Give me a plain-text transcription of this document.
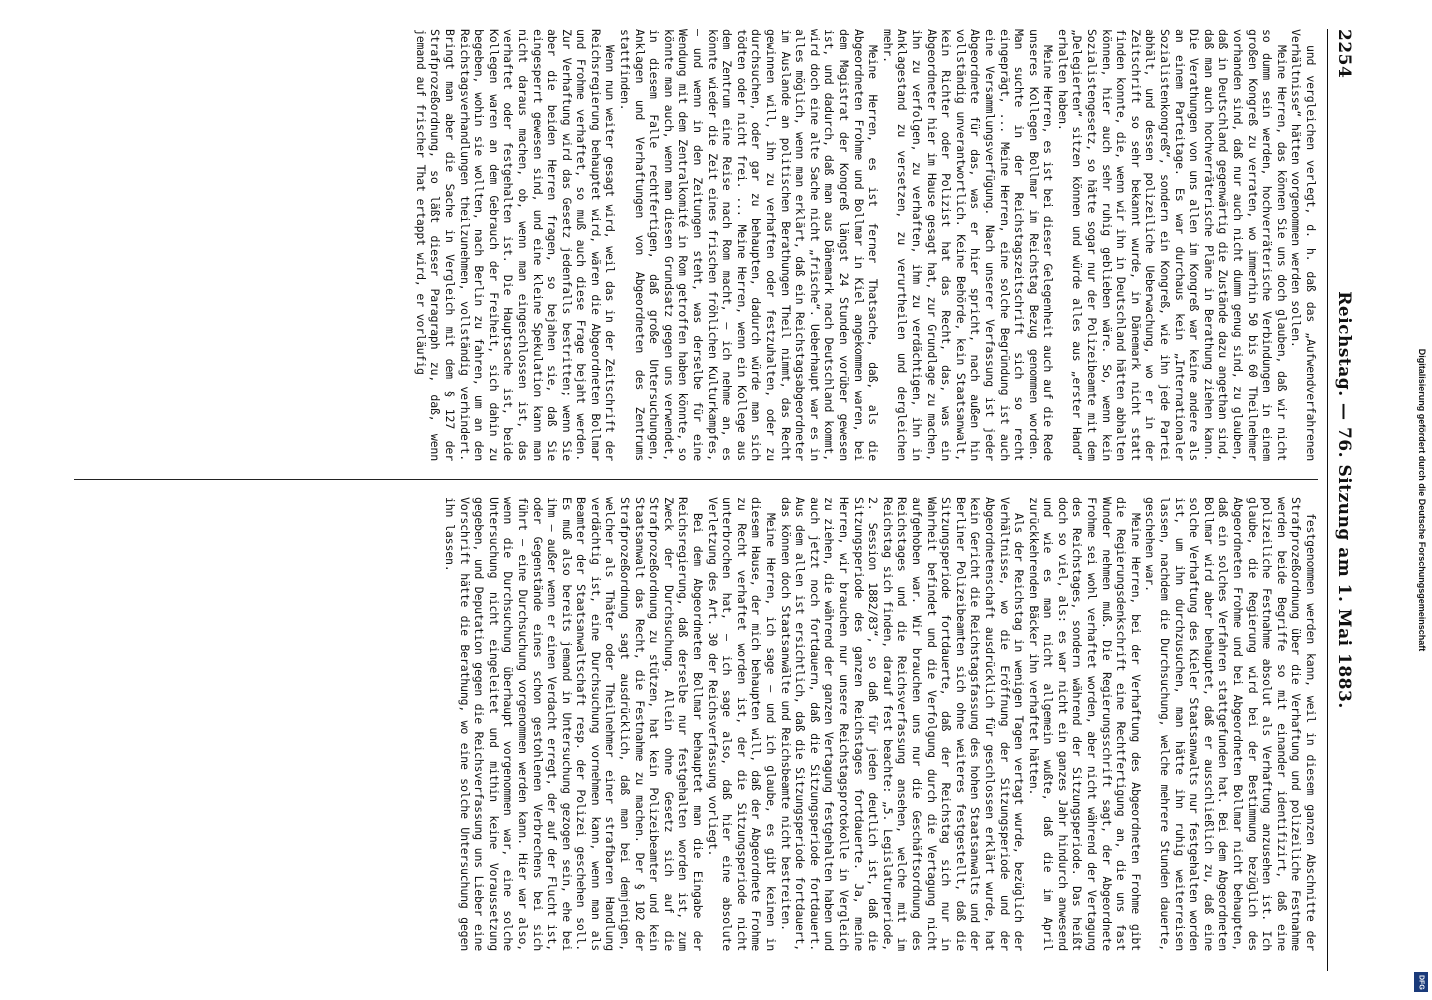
2254
Reichstag. — 76. Sitzung am 1. Mai 1883.

und vergleichen verlegt, d. h. daß das „Aufwendverfahrenen Verhältnisse“ hätten vorgenommen werden sollen.

Meine Herren, das können Sie uns doch glauben, daß wir nicht so dumm sein werden, hochverräterische Verbindungen in einem großen Kongreß zu verraten, wo immerhin 50 bis 60 Theilnehmer vorhanden sind, daß nur auch nicht dumm genug sind, zu glauben, daß in Deutschland gegenwärtig die Zustände dazu angethan sind, daß man auch hochverräterische Pläne in Berathung ziehen kann. Die Verathungen von uns allen im Kongreß war keine andere als an einem Parteitage. Es war durchaus kein „Internationaler Sozialistenkongreß“, sondern ein Kongreß, wie ihn jede Partei abhält, und dessen polizeiliche Ueberwachung, wo er in der Zeitschrift so sehr bekannt wurde, in Dänemark nicht statt finden konnte, die, wenn wir ihn in Deutschland hätten abhalten können, hier auch sehr ruhig geblieben wäre. So, wenn kein Sozialistengesetz, so hätte sogar nur der Polizeibeamte mit dem „Delegierten“ sitzen können und würde alles aus „erster Hand“ erhalten haben.

Meine Herren, es ist bei dieser Gelegenheit auch auf die Rede unseres Kollegen Bollmar im Reichstag Bezug genommen worden. Man suchte in der Reichstagszeitschrift sich so recht eingeprägt, ... Meine Herren, eine solche Begründung ist auch eine Versammlungsverfügung. Nach unserer Verfassung ist jeder Abgeordnete für das, was er hier spricht, nach außen hin vollständig unverantwortlich. Keine Behörde, kein Staatsanwalt, kein Richter oder Polizist hat das Recht, das, was ein Abgeordneter hier im Hause gesagt hat, zur Grundlage zu machen, ihn zu verfolgen, zu verhaften, ihm zu verdächtigen, ihn in Anklagestand zu versetzen, zu verurtheilen und dergleichen mehr.

Meine Herren, es ist ferner Thatsache, daß, als die Abgeordneten Frohme und Bollmar in Kiel angekommen waren, bei dem Magistrat der Kongreß längst 24 Stunden vorüber gewesen ist, und dadurch, daß man aus Dänemark nach Deutschland kommt, wird doch eine alte Sache nicht „frische“. Ueberhaupt war es in alles möglich, wenn man erklärt, daß ein Reichstagsabgeordneter im Auslande an politischen Berathungen Theil nimmt, das Recht gewinnen will, ihn zu verhaften oder festzuhalten, oder zu durchsuchen, oder gar zu behaupten, dadurch würde man sich tödten oder nicht frei. ... Meine Herren, wenn ein Kollege aus dem Zentrum eine Reise nach Rom macht, — ich nehme an, es könnte wieder die Zeit eines frischen fröhlichen Kulturkampfes, — und wenn in den Zeitungen steht, was derselbe für eine Wendung mit dem Zentralkomité in Rom getroffen haben könnte, so könnte man auch, wenn man diesen Grundsatz gegen uns verwendet, in diesem Falle rechtfertigen, daß große Untersuchungen, Anklagen und Verhaftungen von Abgeordneten des Zentrums stattfinden.

Wenn nun weiter gesagt wird, weil das in der Zeitschrift der Reichsregierung behauptet wird, wären die Abgeordneten Bollmar und Frohme verhaftet, so muß auch diese Frage bejaht werden. Zur Verhaftung wird das Gesetz jedenfalls bestritten; wenn Sie aber die beiden Herren fragen, so bejahen sie, daß Sie eingesperrt gewesen sind, und eine kleine Spekulation kann man nicht daraus machen, ob, wenn man eingeschlossen ist, das verhaftet oder festgehalten ist. Die Hauptsache ist, beide Kollegen waren an dem Gebrauch der Freiheit, sich dahin zu begeben, wohin sie wollten, nach Berlin zu fahren, um an den Reichstagsverhandlungen theilzunehmen, vollständig verhindert. Bringt man aber die Sache in Vergleich mit dem § 127 der Strafprozeßordnung, so läßt dieser Paragraph zu, daß, wenn jemand auf frischer That ertappt wird, er vorläufig

festgenommen werden kann, weil in diesem ganzen Abschnitte der Strafprozeßordnung über die Verhaftung und polizeiliche Festnahme werden beide Begriffe so mit einander identifizirt, daß eine polizeiliche Festnahme absolut als Verhaftung anzusehen ist. Ich glaube, die Regierung wird bei der Bestimmung bezüglich des Abgeordneten Frohme und bei Abgeordneten Bollmar nicht behaupten, daß ein solches Verfahren stattgefunden hat. Bei dem Abgeordneten Bollmar wird aber behauptet, daß er ausschließlich zu, daß eine solche Verhaftung des Kieler Staatsanwalts nur festgehalten worden ist, um ihn durchzusuchen, man hätte ihn ruhig weiterreisen lassen, nachdem die Durchsuchung, welche mehrere Stunden dauerte, geschehen war.

Meine Herren, bei der Verhaftung des Abgeordneten Frohme gibt die Regierungsdenkschrift eine Rechtfertigung an, die uns fast Wunder nehmen muß. Die Regierungsschrift sagt, der Abgeordnete Frohme sei wohl verhaftet worden, aber nicht während der Vertagung des Reichstages, sondern während der Sitzungsperiode. Das heißt doch so viel, als: es war nicht ein ganzes Jahr hindurch anwesend und wie es man nicht allgemein wußte, daß die im April zurückkehrenden Bäcker ihn verhaftet hätten.

Als der Reichstag in wenigen Tagen vertagt wurde, bezüglich der Verhältnisse, wo die Eröffnung der Sitzungsperiode und der Abgeordnetenschaft ausdrücklich für geschlossen erklärt wurde, hat kein Gericht die Reichstagsfassung des hohen Staatsanwalts und der Berliner Polizeibeamten sich ohne weiteres festgestellt, daß die Sitzungsperiode fortdauerte, daß der Reichstag sich nur in Wahrheit befindet und die Verfolgung durch die Vertagung nicht aufgehoben war. Wir brauchen uns nur die Geschäftsordnung des Reichstages und die Reichsverfassung ansehen, welche mit im Reichstag sich finden, darauf fest beachte: „5. Legislaturperiode, 2. Session 1882/83“, so daß für jeden deutlich ist, daß die Sitzungsperiode des ganzen Reichstages fortdauerte. Ja, meine Herren, wir brauchen nur unsere Reichstagsprotokolle in Vergleich zu ziehen, die während der ganzen Vertagung festgehalten haben und auch jetzt noch fortdauern, daß die Sitzungsperiode fortdauert. Aus dem allen ist ersichtlich, daß die Sitzungsperiode fortdauert, das können doch Staatsanwälte und Reichsbeamte nicht bestreiten.

Meine Herren, ich sage — und ich glaube, es gibt keinen in diesem Hause, der mich behaupten will, daß der Abgeordnete Frohme zu Recht verhaftet worden ist, der die Sitzungsperiode nicht unterbrochen hat, — ich sage also, daß hier eine absolute Verletzung des Art. 30 der Reichsverfassung vorliegt.

Bei dem Abgeordneten Bollmar behauptet man die Eingabe der Reichsregierung, daß derselbe nur festgehalten worden ist, zum Zweck der Durchsuchung. Allein ohne Gesetz sich auf die Strafprozeßordnung zu stützen, hat kein Polizeibeamter und kein Staatsanwalt das Recht, die Festnahme zu machen. Der § 102 der Strafprozeßordnung sagt ausdrücklich, daß man bei demjenigen, welcher als Thäter oder Theilnehmer einer strafbaren Handlung verdächtig ist, eine Durchsuchung vornehmen kann, wenn man als Beamter der Staatsanwaltschaft resp. der Polizei geschehen soll. Es muß also bereits jemand in Untersuchung gezogen sein, ehe bei ihm — außer wenn er einen Verdacht erregt, der auf der Flucht ist, oder Gegenstände eines schon gestohlenen Verbrechens bei sich führt — eine Durchsuchung vorgenommen werden kann. Hier war also, wenn die Durchsuchung überhaupt vorgenommen war, eine solche Untersuchung nicht eingeleitet und mithin keine Voraussetzung gegeben, und Deputation gegen die Reichsverfassung uns Lieber eine Vorschrift hätte die Berathung, wo eine solche Untersuchung gegen ihn lassen.	Digitalisierung gefördert durch die Deutsche Forschungsgemeinschaft
DFG
